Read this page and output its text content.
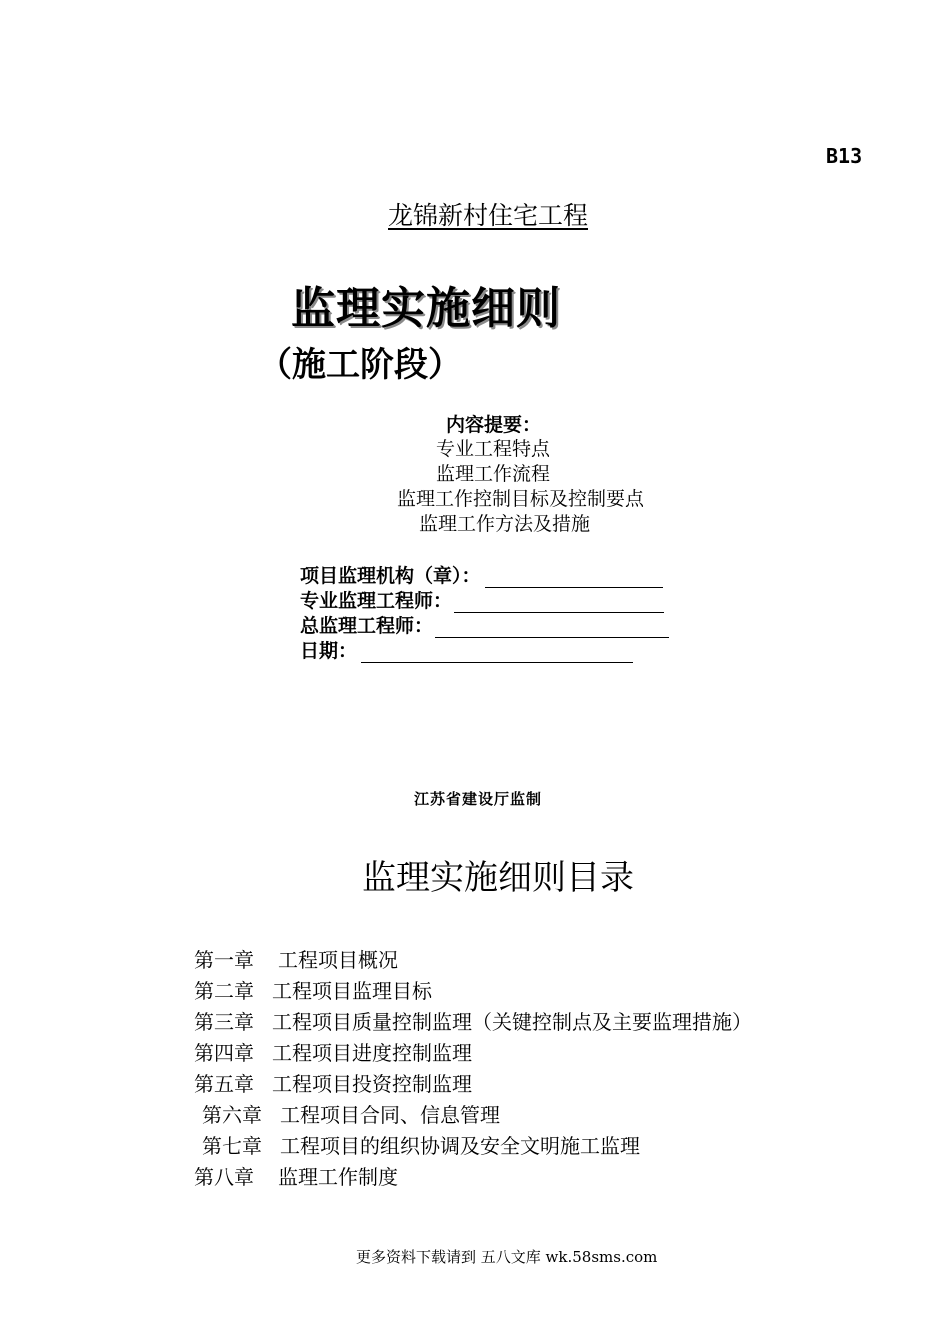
B13
龙锦新村住宅工程
监理实施细则
（施工阶段）
内容提要：
专业工程特点
监理工作流程
监理工作控制目标及控制要点
监理工作方法及措施
项目监理机构（章）：
专业监理工程师：
总监理工程师：
日期：
江苏省建设厅监制
监理实施细则目录
第一章 工程项目概况
第二章 工程项目监理目标
第三章 工程项目质量控制监理（关键控制点及主要监理措施）
第四章 工程项目进度控制监理
第五章 工程项目投资控制监理
第六章 工程项目合同、信息管理
第七章 工程项目的组织协调及安全文明施工监理
第八章 监理工作制度
更多资料下载请到 五八文库 wk.58sms.com
